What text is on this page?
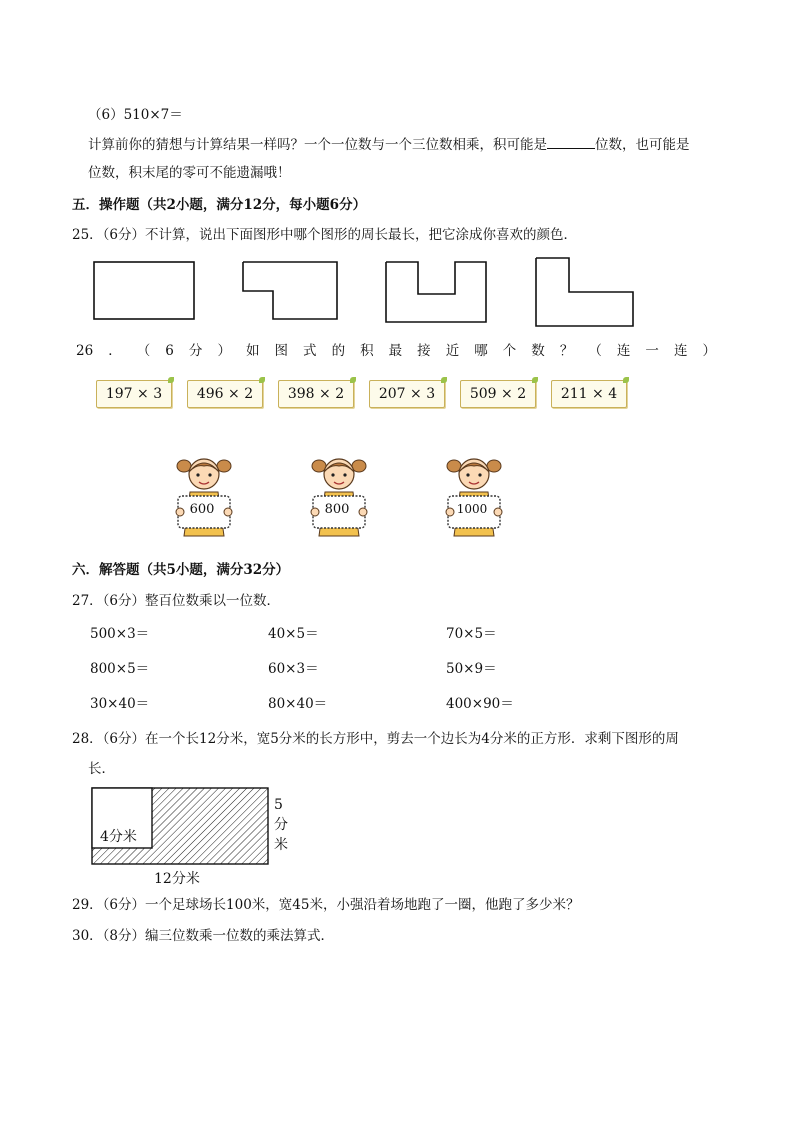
（6）510×7＝
计算前你的猜想与计算结果一样吗？一个一位数与一个三位数相乘，积可能是	位数，也可能是
位数，积末尾的零可不能遗漏哦！
五．操作题（共2小题，满分12分，每小题6分）
25．（6分）不计算，说出下面图形中哪个图形的周长最长，把它涂成你喜欢的颜色．
26 ． （ 6 分 ） 如 图 式 的 积 最 接 近 哪 个 数 ？ （ 连 一 连 ）
197 × 3	496 × 2	398 × 2	207 × 3	509 × 2	211 × 4
600	800	1000
六．解答题（共5小题，满分32分）
27．（6分）整百位数乘以一位数．
500×3＝	40×5＝	70×5＝
800×5＝	60×3＝	50×9＝
30×40＝	80×40＝	400×90＝
28．（6分）在一个长12分米，宽5分米的长方形中，剪去一个边长为4分米的正方形．求剩下图形的周
长．
4分米
5
分
米
12分米
29．（6分）一个足球场长100米，宽45米，小强沿着场地跑了一圈，他跑了多少米？
30．（8分）编三位数乘一位数的乘法算式．
